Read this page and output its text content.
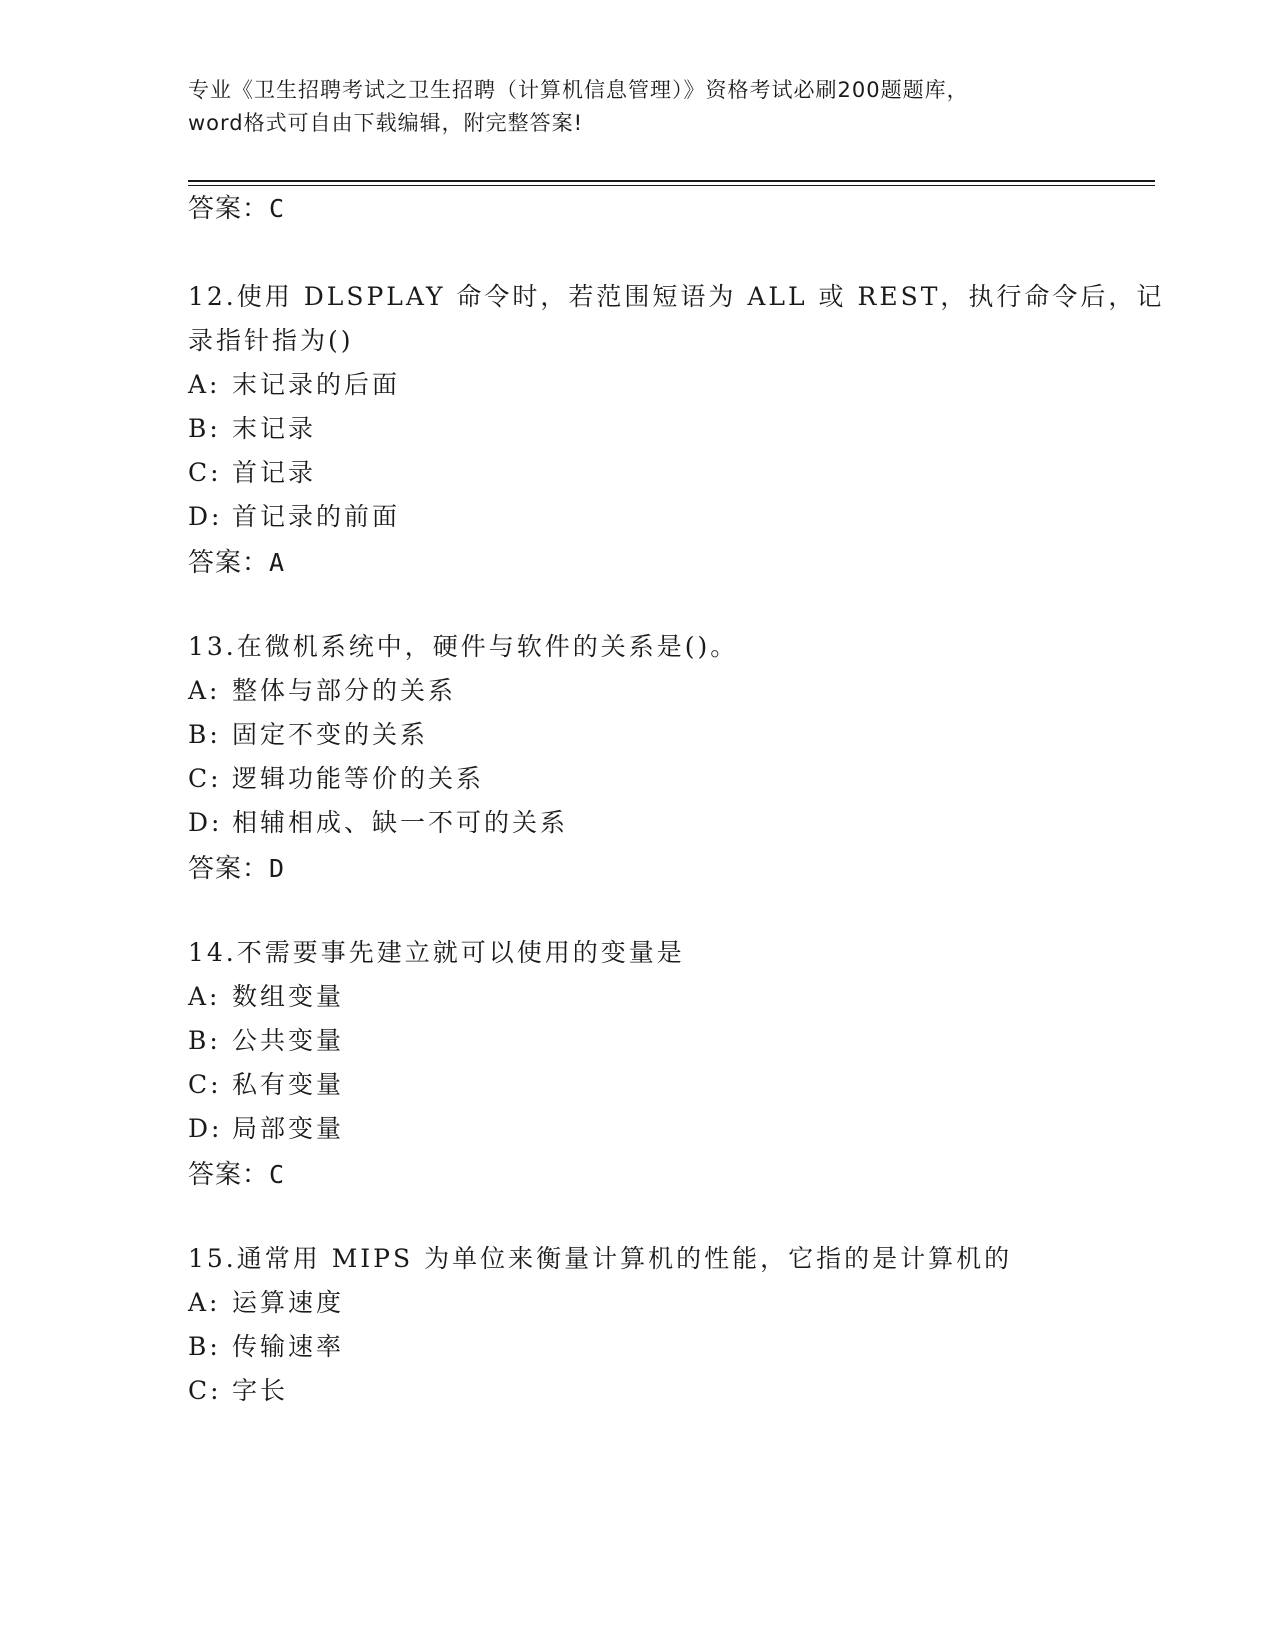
专业《卫生招聘考试之卫生招聘（计算机信息管理）》资格考试必刷200题题库，
word格式可自由下载编辑，附完整答案!
答案：C
12.使用 DLSPLAY 命令时，若范围短语为 ALL 或 REST，执行命令后，记
录指针指为()
A: 末记录的后面
B: 末记录
C: 首记录
D: 首记录的前面
答案：A
13.在微机系统中，硬件与软件的关系是()。
A: 整体与部分的关系
B: 固定不变的关系
C: 逻辑功能等价的关系
D: 相辅相成、缺一不可的关系
答案：D
14.不需要事先建立就可以使用的变量是
A: 数组变量
B: 公共变量
C: 私有变量
D: 局部变量
答案：C
15.通常用 MIPS 为单位来衡量计算机的性能，它指的是计算机的
A: 运算速度
B: 传输速率
C: 字长
